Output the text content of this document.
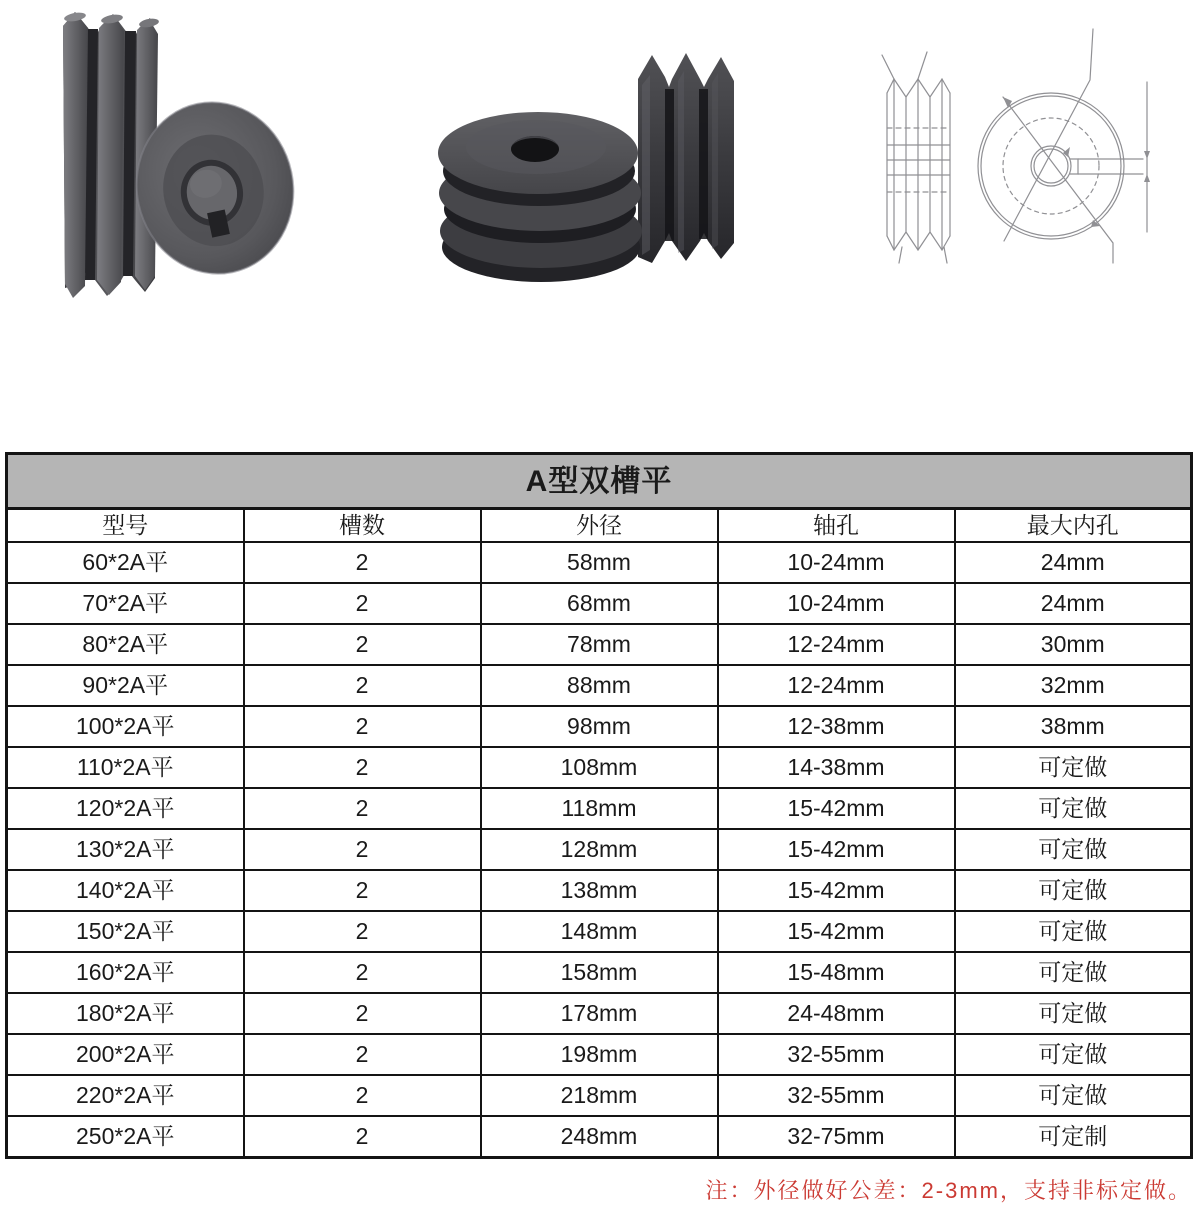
A型双槽平				
型号	槽数	外径	轴孔	最大内孔
60*2A平	2	58mm	10-24mm	24mm
70*2A平	2	68mm	10-24mm	24mm
80*2A平	2	78mm	12-24mm	30mm
90*2A平	2	88mm	12-24mm	32mm
100*2A平	2	98mm	12-38mm	38mm
110*2A平	2	108mm	14-38mm	可定做
120*2A平	2	118mm	15-42mm	可定做
130*2A平	2	128mm	15-42mm	可定做
140*2A平	2	138mm	15-42mm	可定做
150*2A平	2	148mm	15-42mm	可定做
160*2A平	2	158mm	15-48mm	可定做
180*2A平	2	178mm	24-48mm	可定做
200*2A平	2	198mm	32-55mm	可定做
220*2A平	2	218mm	32-55mm	可定做
250*2A平	2	248mm	32-75mm	可定制
注：外径做好公差：2-3mm，支持非标定做。
